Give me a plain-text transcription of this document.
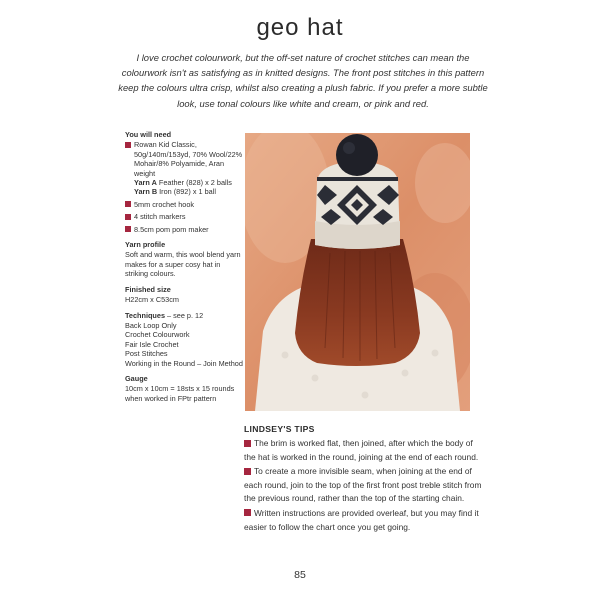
geo hat
I love crochet colourwork, but the off-set nature of crochet stitches can mean the colourwork isn't as satisfying as in knitted designs. The front post stitches in this pattern keep the colours ultra crisp, whilst also creating a plush fabric. If you prefer a more subtle look, use tonal colours like white and cream, or pink and red.
You will need
Rowan Kid Classic, 50g/140m/153yd, 70% Wool/22% Mohair/8% Polyamide, Aran weight
Yarn A Feather (828) x 2 balls
Yarn B Iron (892) x 1 ball
5mm crochet hook
4 stitch markers
8.5cm pom pom maker
Yarn profile
Soft and warm, this wool blend yarn makes for a super cosy hat in striking colours.
Finished size
H22cm x C53cm
Techniques – see p. 12
Back Loop Only
Crochet Colourwork
Fair Isle Crochet
Post Stitches
Working in the Round – Join Method
Gauge
10cm x 10cm = 18sts x 15 rounds when worked in FPtr pattern
LINDSEY'S TIPS
The brim is worked flat, then joined, after which the body of the hat is worked in the round, joining at the end of each round.
To create a more invisible seam, when joining at the end of each round, join to the top of the first front post treble stitch from the previous round, rather than the top of the starting chain.
Written instructions are provided overleaf, but you may find it easier to follow the chart once you get going.
85
